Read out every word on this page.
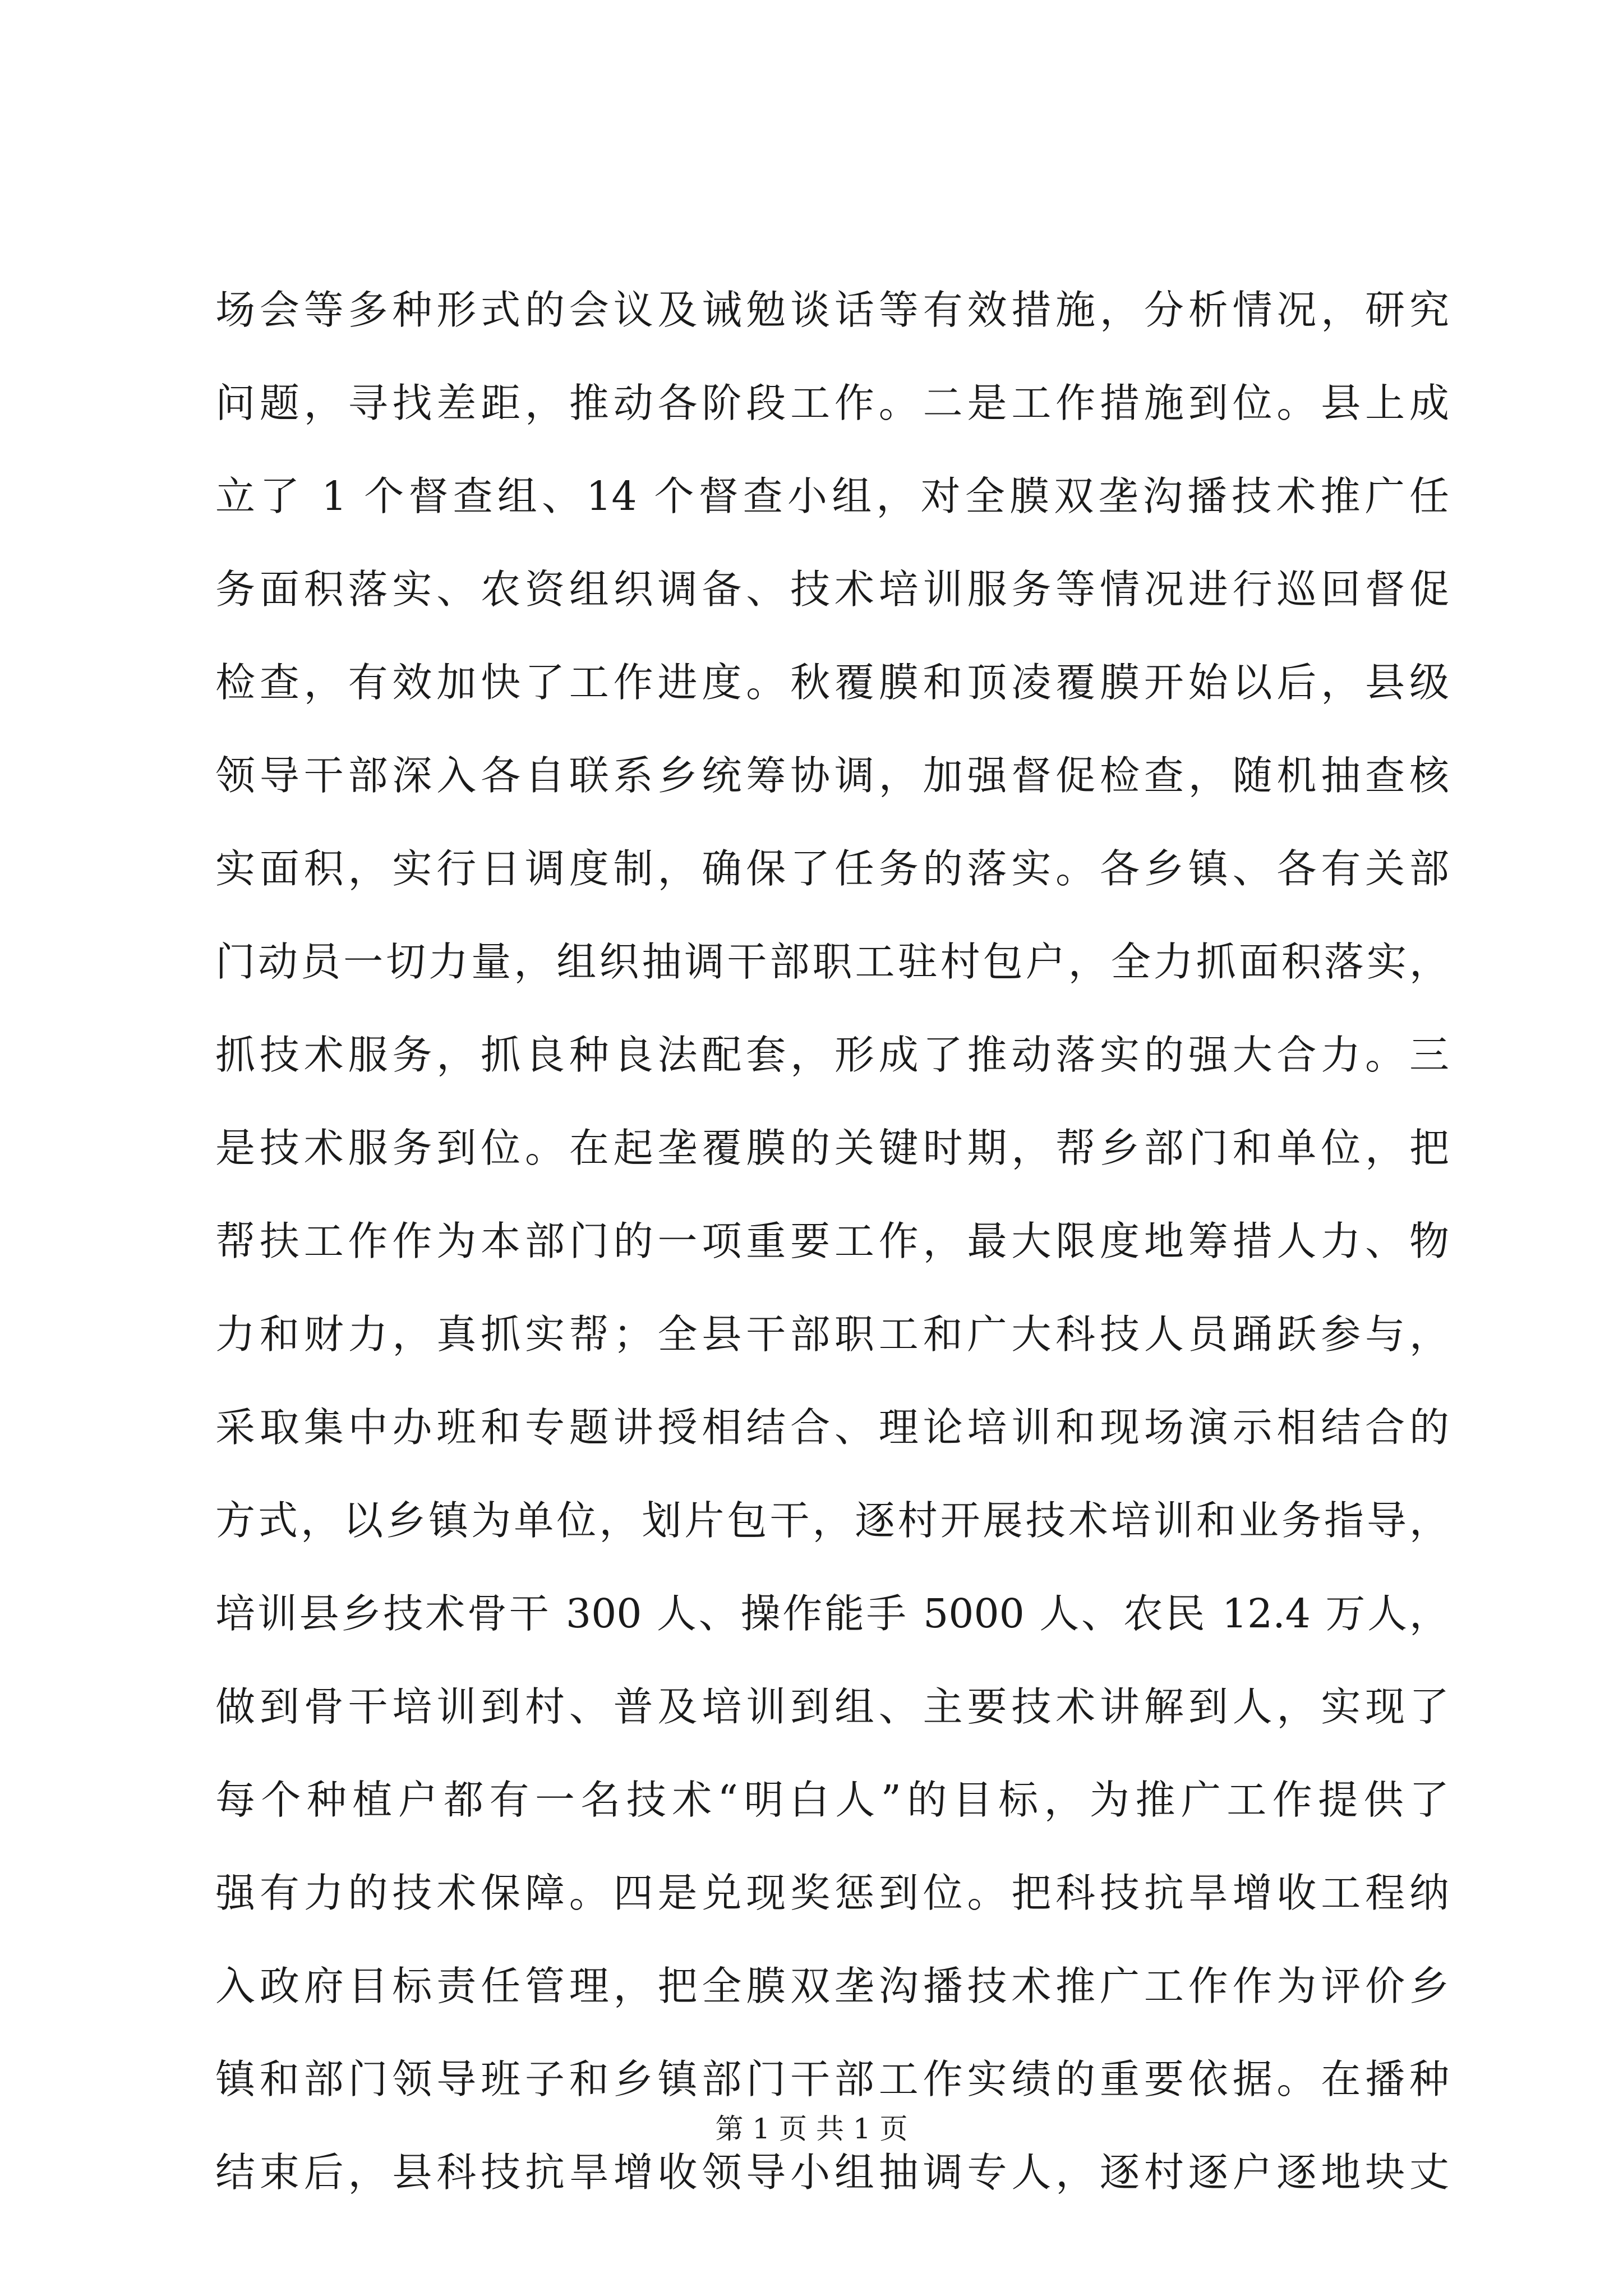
场会等多种形式的会议及诫勉谈话等有效措施，分析情况，研究
问题，寻找差距，推动各阶段工作。二是工作措施到位。县上成
立了 1 个督查组、14 个督查小组，对全膜双垄沟播技术推广任
务面积落实、农资组织调备、技术培训服务等情况进行巡回督促
检查，有效加快了工作进度。秋覆膜和顶凌覆膜开始以后，县级
领导干部深入各自联系乡统筹协调，加强督促检查，随机抽查核
实面积，实行日调度制，确保了任务的落实。各乡镇、各有关部
门动员一切力量，组织抽调干部职工驻村包户，全力抓面积落实，
抓技术服务，抓良种良法配套，形成了推动落实的强大合力。三
是技术服务到位。在起垄覆膜的关键时期，帮乡部门和单位，把
帮扶工作作为本部门的一项重要工作，最大限度地筹措人力、物
力和财力，真抓实帮；全县干部职工和广大科技人员踊跃参与，
采取集中办班和专题讲授相结合、理论培训和现场演示相结合的
方式，以乡镇为单位，划片包干，逐村开展技术培训和业务指导，
培训县乡技术骨干 300 人、操作能手 5000 人、农民 12.4 万人，
做到骨干培训到村、普及培训到组、主要技术讲解到人，实现了
每个种植户都有一名技术“明白人”的目标，为推广工作提供了
强有力的技术保障。四是兑现奖惩到位。把科技抗旱增收工程纳
入政府目标责任管理，把全膜双垄沟播技术推广工作作为评价乡
镇和部门领导班子和乡镇部门干部工作实绩的重要依据。在播种
结束后，县科技抗旱增收领导小组抽调专人，逐村逐户逐地块丈
第 1 页 共 1 页
